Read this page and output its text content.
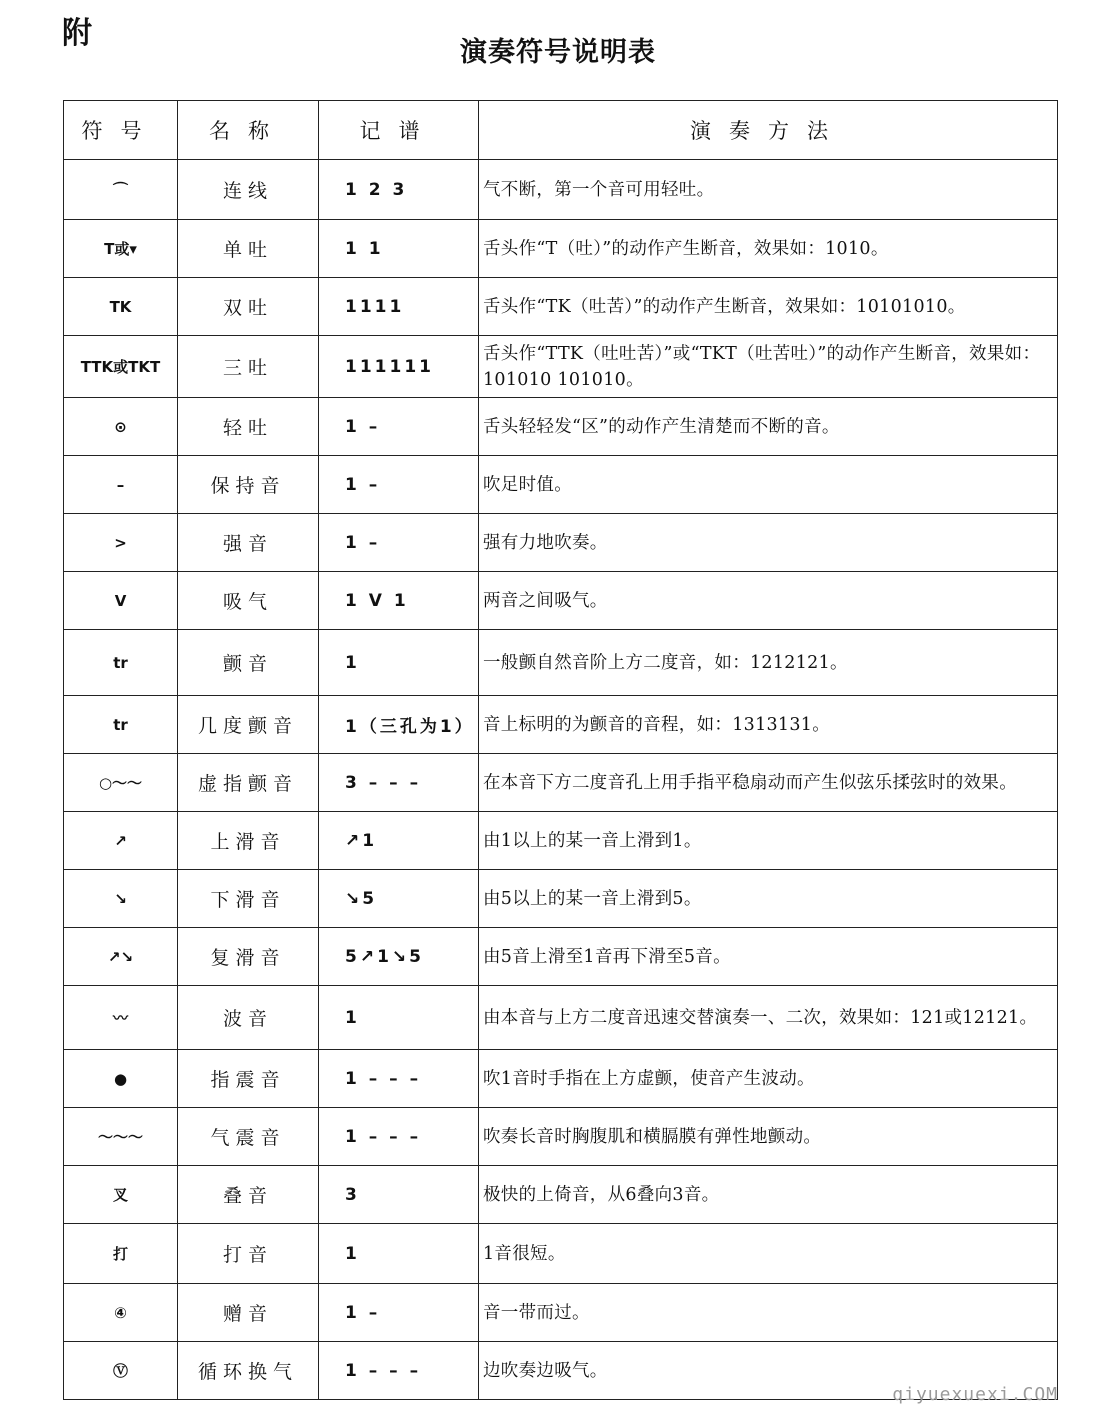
附
演奏符号说明表
符号	名称	记谱	演奏方法
⌒	连线	1 2 3	气不断，第一个音可用轻吐。
T或▾	单吐	1 1	舌头作“T（吐）”的动作产生断音，效果如：1010。
TK	双吐	1111	舌头作“TK（吐苦）”的动作产生断音，效果如：10101010。
TTK或TKT	三吐	111111	舌头作“TTK（吐吐苦）”或“TKT（吐苦吐）”的动作产生断音，效果如：101010 101010。
⊙	轻吐	1 –	舌头轻轻发“区”的动作产生清楚而不断的音。
–	保持音	1 –	吹足时值。
>	强音	1 –	强有力地吹奏。
V	吸气	1 V 1	两音之间吸气。
tr	颤音	1	一般颤自然音阶上方二度音，如：1212121。
tr	几度颤音	1（三孔为1）	音上标明的为颤音的音程，如：1313131。
○～～	虚指颤音	3 – – –	在本音下方二度音孔上用手指平稳扇动而产生似弦乐揉弦时的效果。
↗	上滑音	↗1	由1以上的某一音上滑到1。
↘	下滑音	↘5	由5以上的某一音上滑到5。
↗↘	复滑音	5↗1↘5	由5音上滑至1音再下滑至5音。
〰	波音	1	由本音与上方二度音迅速交替演奏一、二次，效果如：121或12121。
●	指震音	1 – – –	吹1音时手指在上方虚颤，使音产生波动。
～～～	气震音	1 – – –	吹奏长音时胸腹肌和横膈膜有弹性地颤动。
叉	叠音	3	极快的上倚音，从6叠向3音。
打	打音	1	1音很短。
④	赠音	1 –	音一带而过。
Ⓥ	循环换气	1 – – –	边吹奏边吸气。
qiyuexuexi.COM
